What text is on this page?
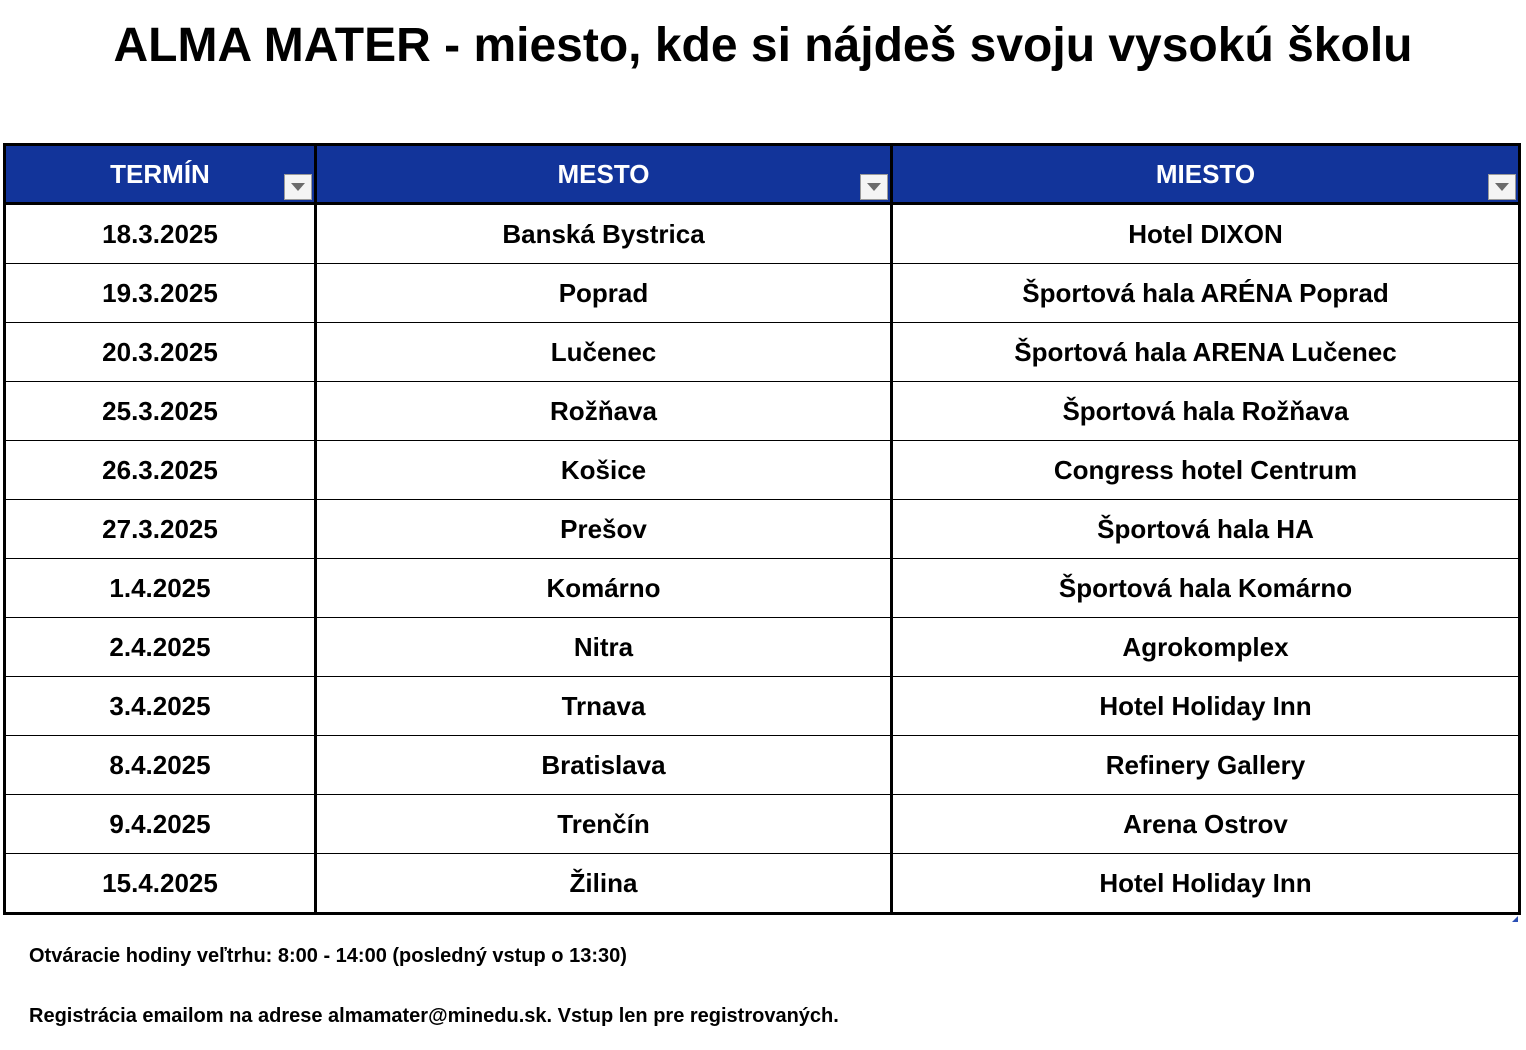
ALMA MATER - miesto, kde si nájdeš svoju vysokú školu
TERMÍN	MESTO	MIESTO

18.3.2025	Banská Bystrica	Hotel DIXON
19.3.2025	Poprad	Športová hala ARÉNA Poprad
20.3.2025	Lučenec	Športová hala ARENA Lučenec
25.3.2025	Rožňava	Športová hala Rožňava
26.3.2025	Košice	Congress hotel Centrum
27.3.2025	Prešov	Športová hala HA
1.4.2025	Komárno	Športová hala Komárno
2.4.2025	Nitra	Agrokomplex
3.4.2025	Trnava	Hotel Holiday Inn
8.4.2025	Bratislava	Refinery Gallery
9.4.2025	Trenčín	Arena Ostrov
15.4.2025	Žilina	Hotel Holiday Inn
Otváracie hodiny veľtrhu: 8:00 - 14:00 (posledný vstup o 13:30)
Registrácia emailom na adrese almamater@minedu.sk. Vstup len pre registrovaných.
